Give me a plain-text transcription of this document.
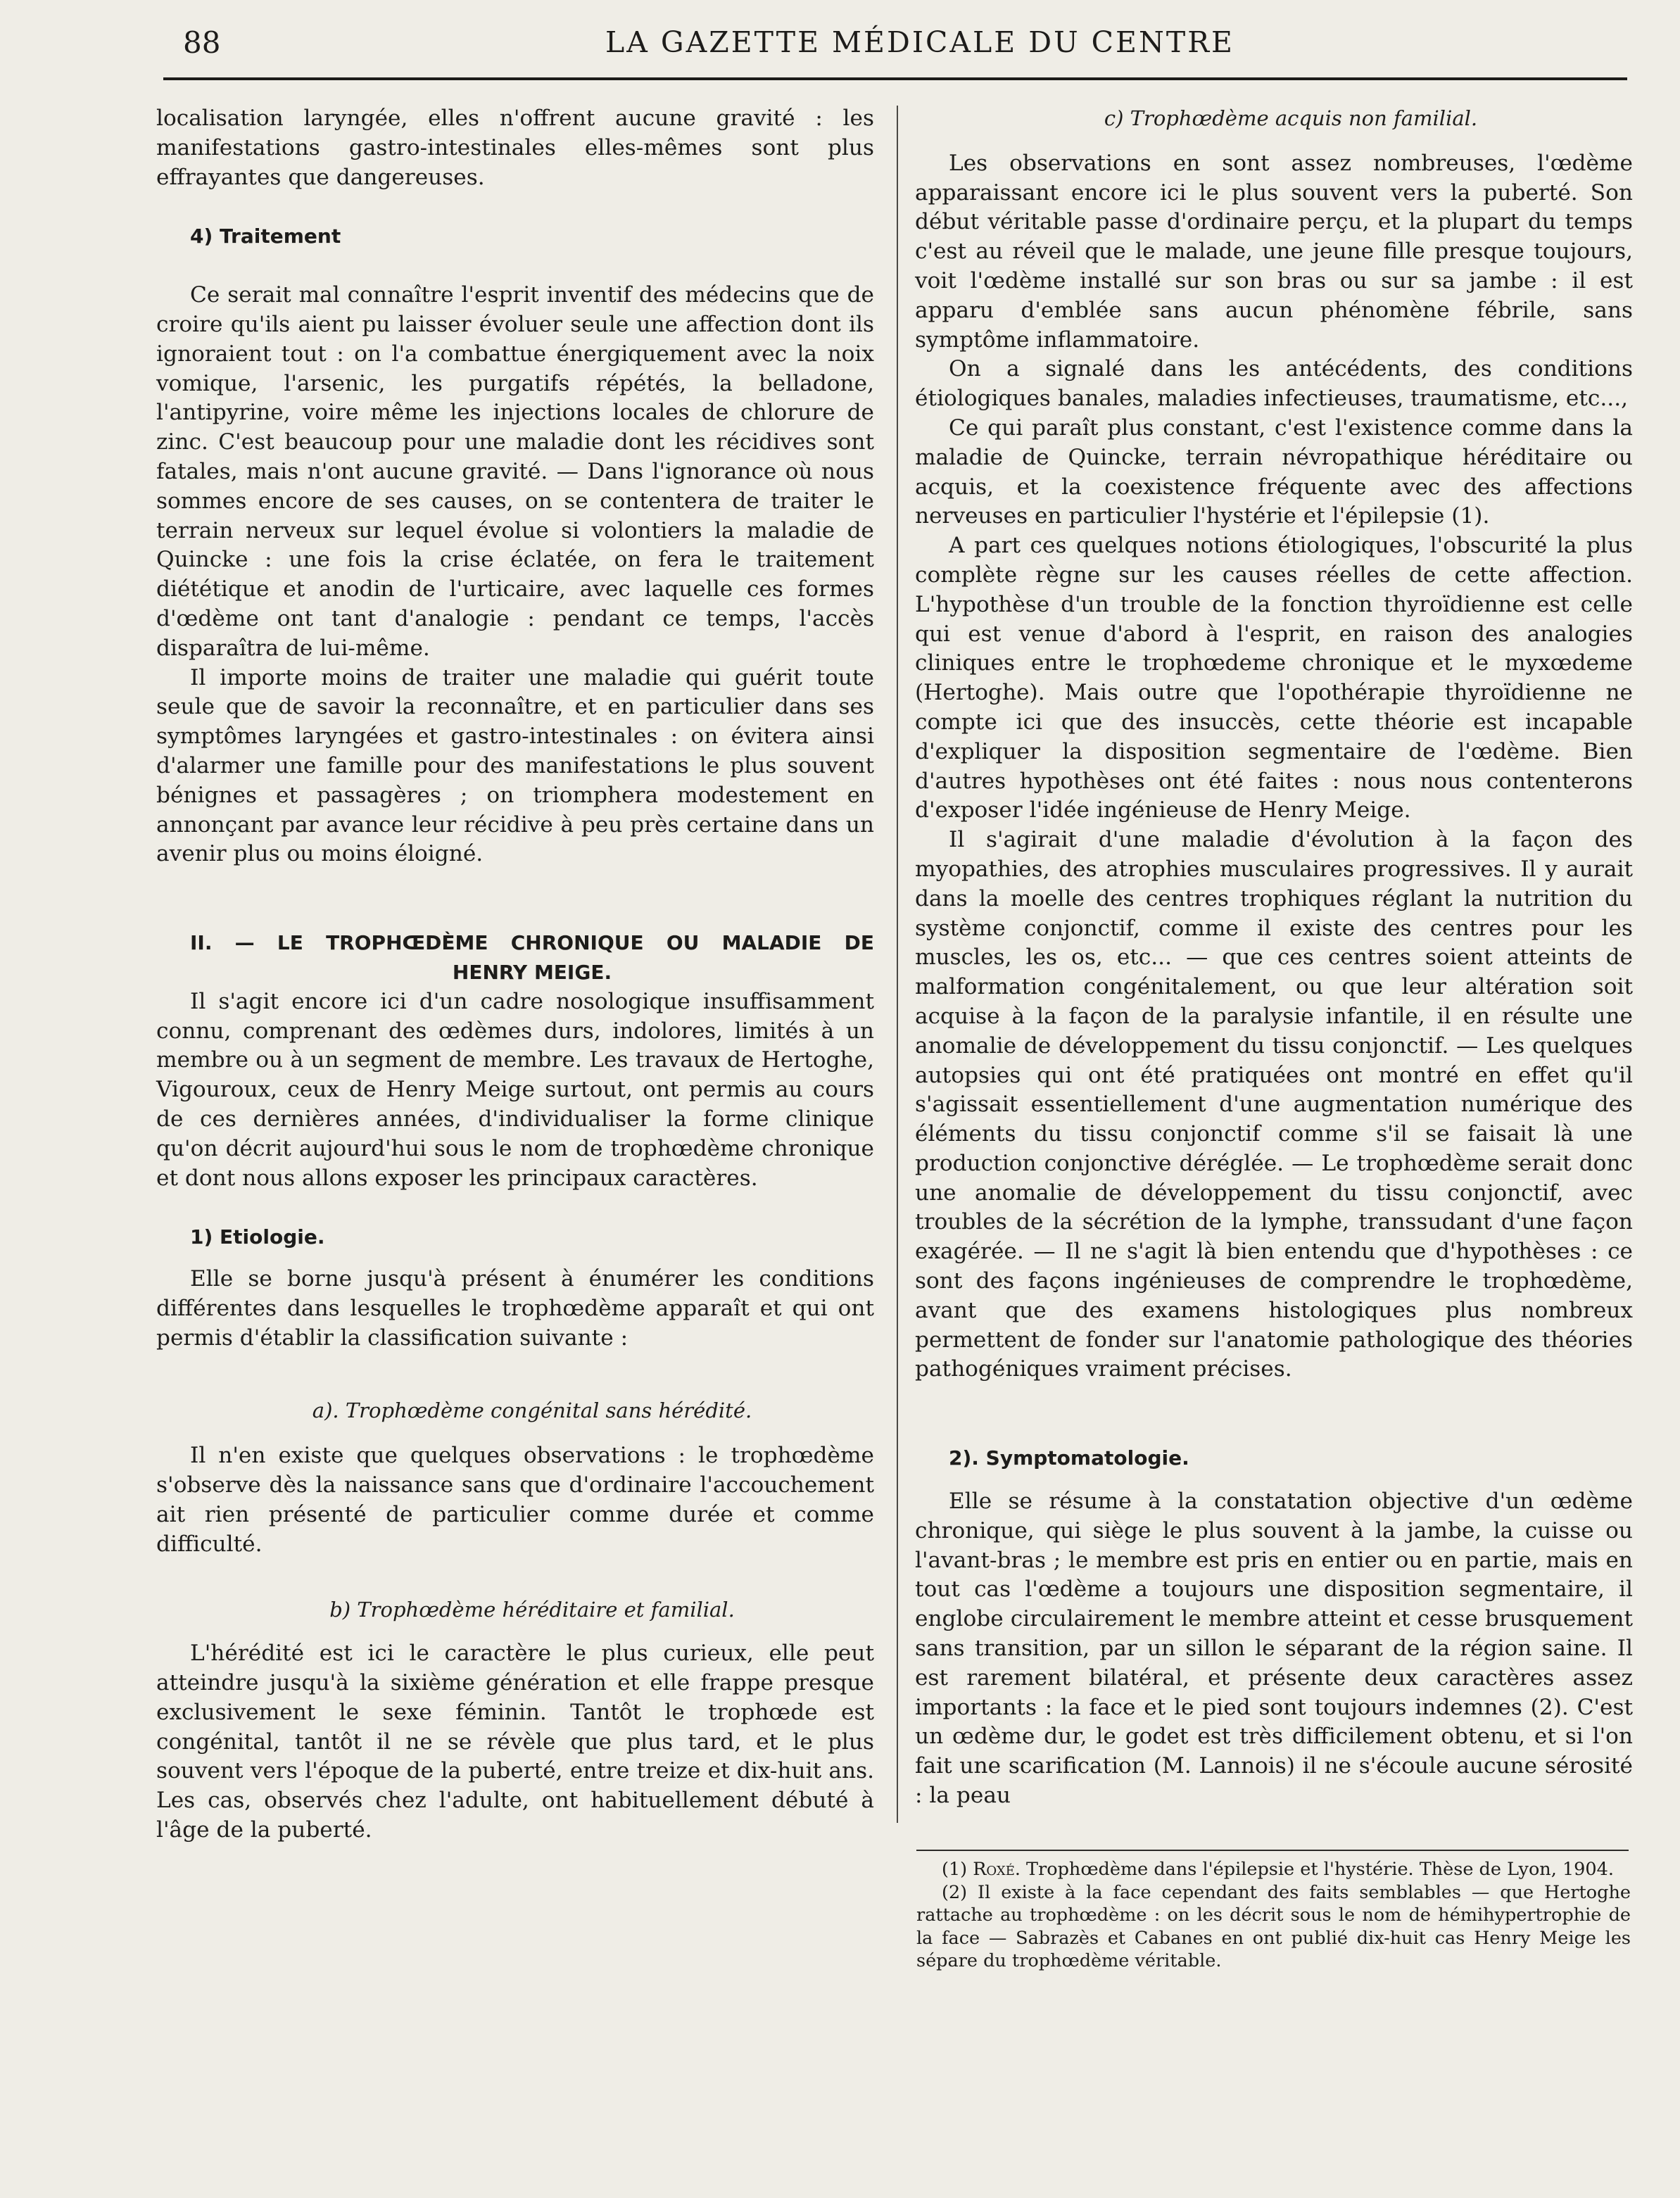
88	LA GAZETTE MÉDICALE DU CENTRE

localisation laryngée, elles n'offrent aucune gravité : les manifestations gastro-intestinales elles-mêmes sont plus effrayantes que dangereuses.

4) Traitement

Ce serait mal connaître l'esprit inventif des médecins que de croire qu'ils aient pu laisser évoluer seule une affection dont ils ignoraient tout : on l'a combattue énergiquement avec la noix vomique, l'arsenic, les purgatifs répétés, la belladone, l'antipyrine, voire même les injections locales de chlorure de zinc. C'est beaucoup pour une maladie dont les récidives sont fatales, mais n'ont aucune gravité. — Dans l'ignorance où nous sommes encore de ses causes, on se contentera de traiter le terrain nerveux sur lequel évolue si volontiers la maladie de Quincke : une fois la crise éclatée, on fera le traitement diététique et anodin de l'urticaire, avec laquelle ces formes d'œdème ont tant d'analogie : pendant ce temps, l'accès disparaîtra de lui-même.

Il importe moins de traiter une maladie qui guérit toute seule que de savoir la reconnaître, et en particulier dans ses symptômes laryngées et gastro-intestinales : on évitera ainsi d'alarmer une famille pour des manifestations le plus souvent bénignes et passagères ; on triomphera modestement en annonçant par avance leur récidive à peu près certaine dans un avenir plus ou moins éloigné.

II. — LE TROPHŒDÈME CHRONIQUE OU MALADIE DE

HENRY MEIGE.

Il s'agit encore ici d'un cadre nosologique insuffisamment connu, comprenant des œdèmes durs, indolores, limités à un membre ou à un segment de membre. Les travaux de Hertoghe, Vigouroux, ceux de Henry Meige surtout, ont permis au cours de ces dernières années, d'individualiser la forme clinique qu'on décrit aujourd'hui sous le nom de trophœdème chronique et dont nous allons exposer les principaux caractères.

1) Etiologie.

Elle se borne jusqu'à présent à énumérer les conditions différentes dans lesquelles le trophœdème apparaît et qui ont permis d'établir la classification suivante :

a). Trophœdème congénital sans hérédité.

Il n'en existe que quelques observations : le trophœdème s'observe dès la naissance sans que d'ordinaire l'accouchement ait rien présenté de particulier comme durée et comme difficulté.

b) Trophœdème héréditaire et familial.

L'hérédité est ici le caractère le plus curieux, elle peut atteindre jusqu'à la sixième génération et elle frappe presque exclusivement le sexe féminin. Tantôt le trophœde est congénital, tantôt il ne se révèle que plus tard, et le plus souvent vers l'époque de la puberté, entre treize et dix-huit ans. Les cas, observés chez l'adulte, ont habituellement débuté à l'âge de la puberté.

c) Trophœdème acquis non familial.

Les observations en sont assez nombreuses, l'œdème apparaissant encore ici le plus souvent vers la puberté. Son début véritable passe d'ordinaire perçu, et la plupart du temps c'est au réveil que le malade, une jeune fille presque toujours, voit l'œdème installé sur son bras ou sur sa jambe : il est apparu d'emblée sans aucun phénomène fébrile, sans symptôme inflammatoire.

On a signalé dans les antécédents, des conditions étiologiques banales, maladies infectieuses, traumatisme, etc...,

Ce qui paraît plus constant, c'est l'existence comme dans la maladie de Quincke, terrain névropathique héréditaire ou acquis, et la coexistence fréquente avec des affections nerveuses en particulier l'hystérie et l'épilepsie (1).

A part ces quelques notions étiologiques, l'obscurité la plus complète règne sur les causes réelles de cette affection. L'hypothèse d'un trouble de la fonction thyroïdienne est celle qui est venue d'abord à l'esprit, en raison des analogies cliniques entre le trophœdeme chronique et le myxœdeme (Hertoghe). Mais outre que l'opothérapie thyroïdienne ne compte ici que des insuccès, cette théorie est incapable d'expliquer la disposition segmentaire de l'œdème. Bien d'autres hypothèses ont été faites : nous nous contenterons d'exposer l'idée ingénieuse de Henry Meige.

Il s'agirait d'une maladie d'évolution à la façon des myopathies, des atrophies musculaires progressives. Il y aurait dans la moelle des centres trophiques réglant la nutrition du système conjonctif, comme il existe des centres pour les muscles, les os, etc... — que ces centres soient atteints de malformation congénitalement, ou que leur altération soit acquise à la façon de la paralysie infantile, il en résulte une anomalie de développement du tissu conjonctif. — Les quelques autopsies qui ont été pratiquées ont montré en effet qu'il s'agissait essentiellement d'une augmentation numérique des éléments du tissu conjonctif comme s'il se faisait là une production conjonctive déréglée. — Le trophœdème serait donc une anomalie de développement du tissu conjonctif, avec troubles de la sécrétion de la lymphe, transsudant d'une façon exagérée. — Il ne s'agit là bien entendu que d'hypothèses : ce sont des façons ingénieuses de comprendre le trophœdème, avant que des examens histologiques plus nombreux permettent de fonder sur l'anatomie pathologique des théories pathogéniques vraiment précises.

2). Symptomatologie.

Elle se résume à la constatation objective d'un œdème chronique, qui siège le plus souvent à la jambe, la cuisse ou l'avant-bras ; le membre est pris en entier ou en partie, mais en tout cas l'œdème a toujours une disposition segmentaire, il englobe circulairement le membre atteint et cesse brusquement sans transition, par un sillon le séparant de la région saine. Il est rarement bilatéral, et présente deux caractères assez importants : la face et le pied sont toujours indemnes (2). C'est un œdème dur, le godet est très difficilement obtenu, et si l'on fait une scarification (M. Lannois) il ne s'écoule aucune sérosité : la peau

(1) Roxé. Trophœdème dans l'épilepsie et l'hystérie. Thèse de Lyon, 1904.

(2) Il existe à la face cependant des faits semblables — que Hertoghe rattache au trophœdème : on les décrit sous le nom de hémihypertrophie de la face — Sabrazès et Cabanes en ont publié dix-huit cas Henry Meige les sépare du trophœdème véritable.
